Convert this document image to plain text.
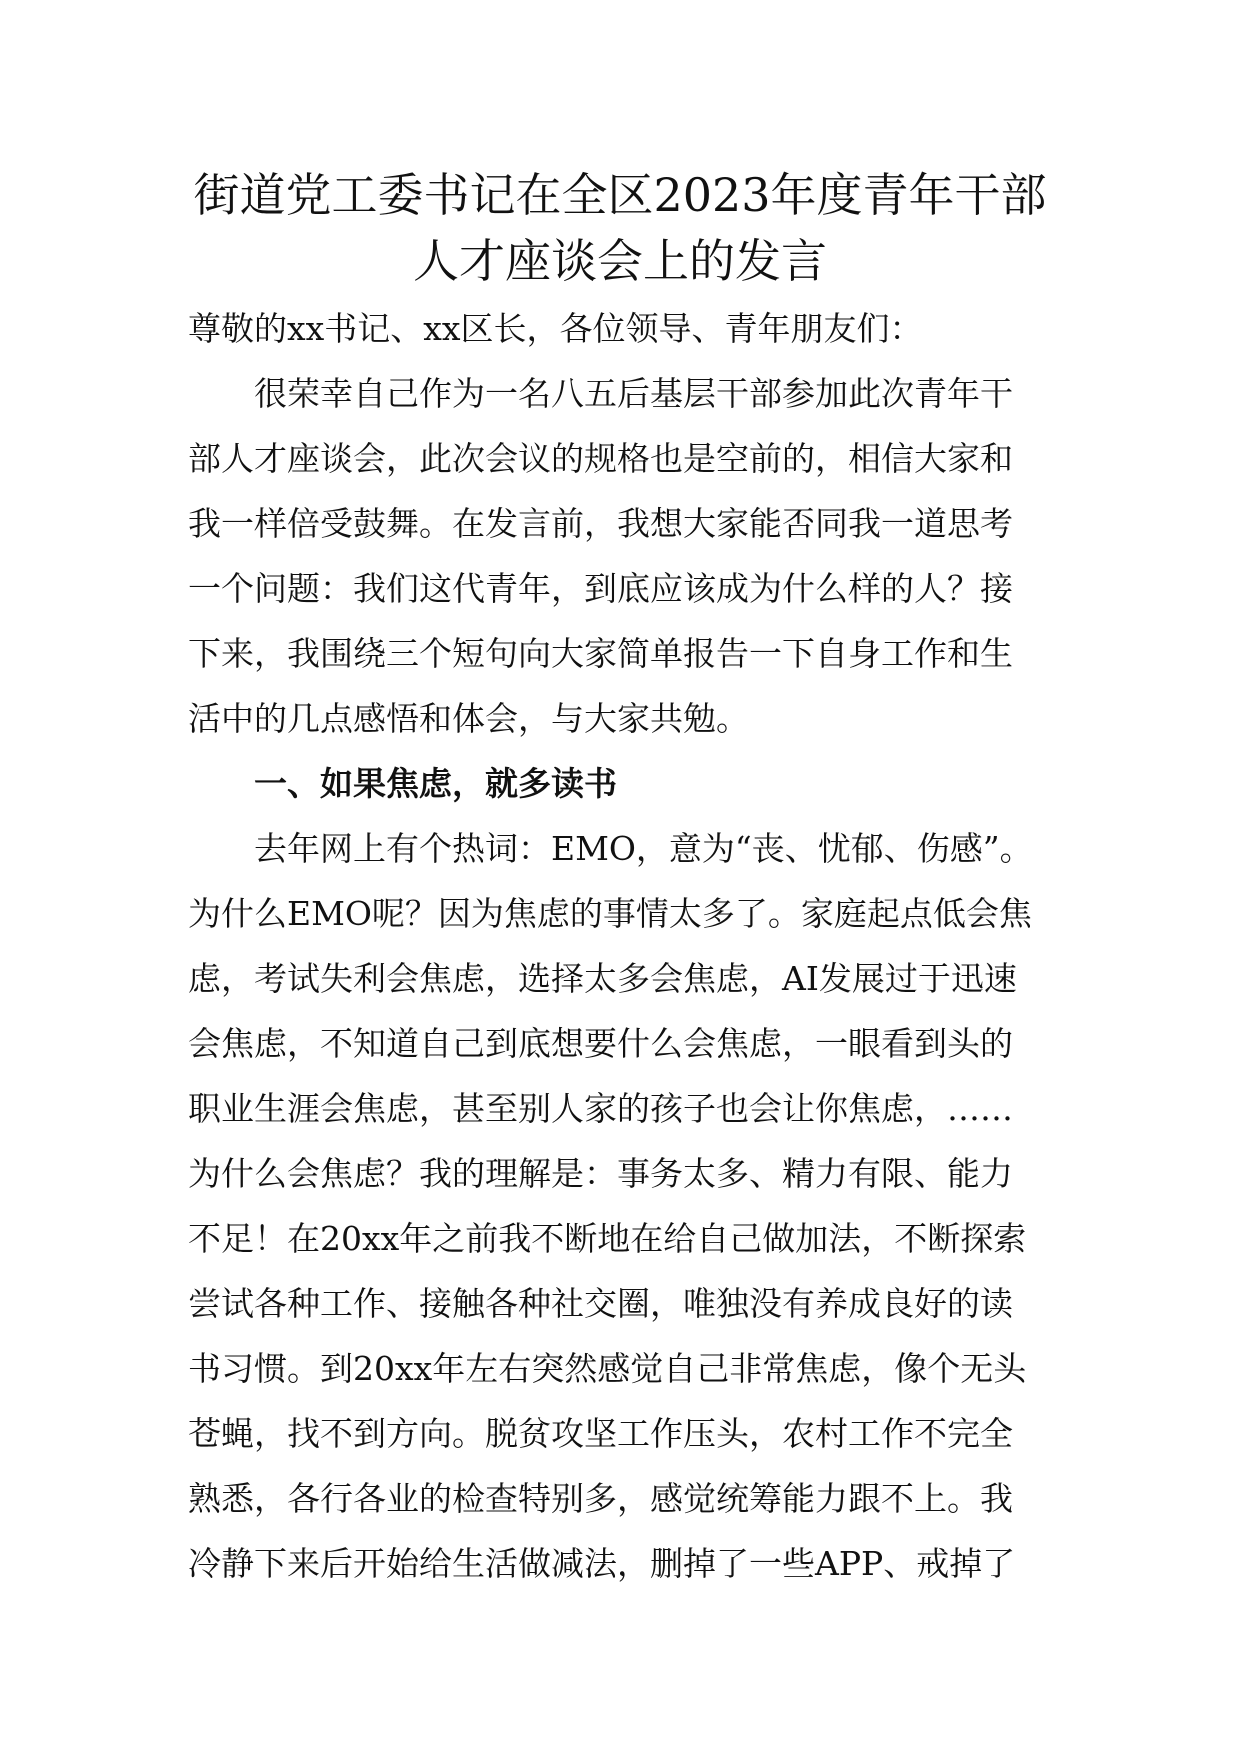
街道党工委书记在全区2023年度青年干部
人才座谈会上的发言
尊敬的xx书记、xx区长，各位领导、青年朋友们：
很荣幸自己作为一名八五后基层干部参加此次青年干
部人才座谈会，此次会议的规格也是空前的，相信大家和
我一样倍受鼓舞。在发言前，我想大家能否同我一道思考
一个问题：我们这代青年，到底应该成为什么样的人？接
下来，我围绕三个短句向大家简单报告一下自身工作和生
活中的几点感悟和体会，与大家共勉。
一、如果焦虑，就多读书
去年网上有个热词：EMO，意为“丧、忧郁、伤感”。
为什么EMO呢？因为焦虑的事情太多了。家庭起点低会焦
虑，考试失利会焦虑，选择太多会焦虑，AI发展过于迅速
会焦虑，不知道自己到底想要什么会焦虑，一眼看到头的
职业生涯会焦虑，甚至别人家的孩子也会让你焦虑，……
为什么会焦虑？我的理解是：事务太多、精力有限、能力
不足！在20xx年之前我不断地在给自己做加法，不断探索
尝试各种工作、接触各种社交圈，唯独没有养成良好的读
书习惯。到20xx年左右突然感觉自己非常焦虑，像个无头
苍蝇，找不到方向。脱贫攻坚工作压头，农村工作不完全
熟悉，各行各业的检查特别多，感觉统筹能力跟不上。我
冷静下来后开始给生活做减法，删掉了一些APP、戒掉了
